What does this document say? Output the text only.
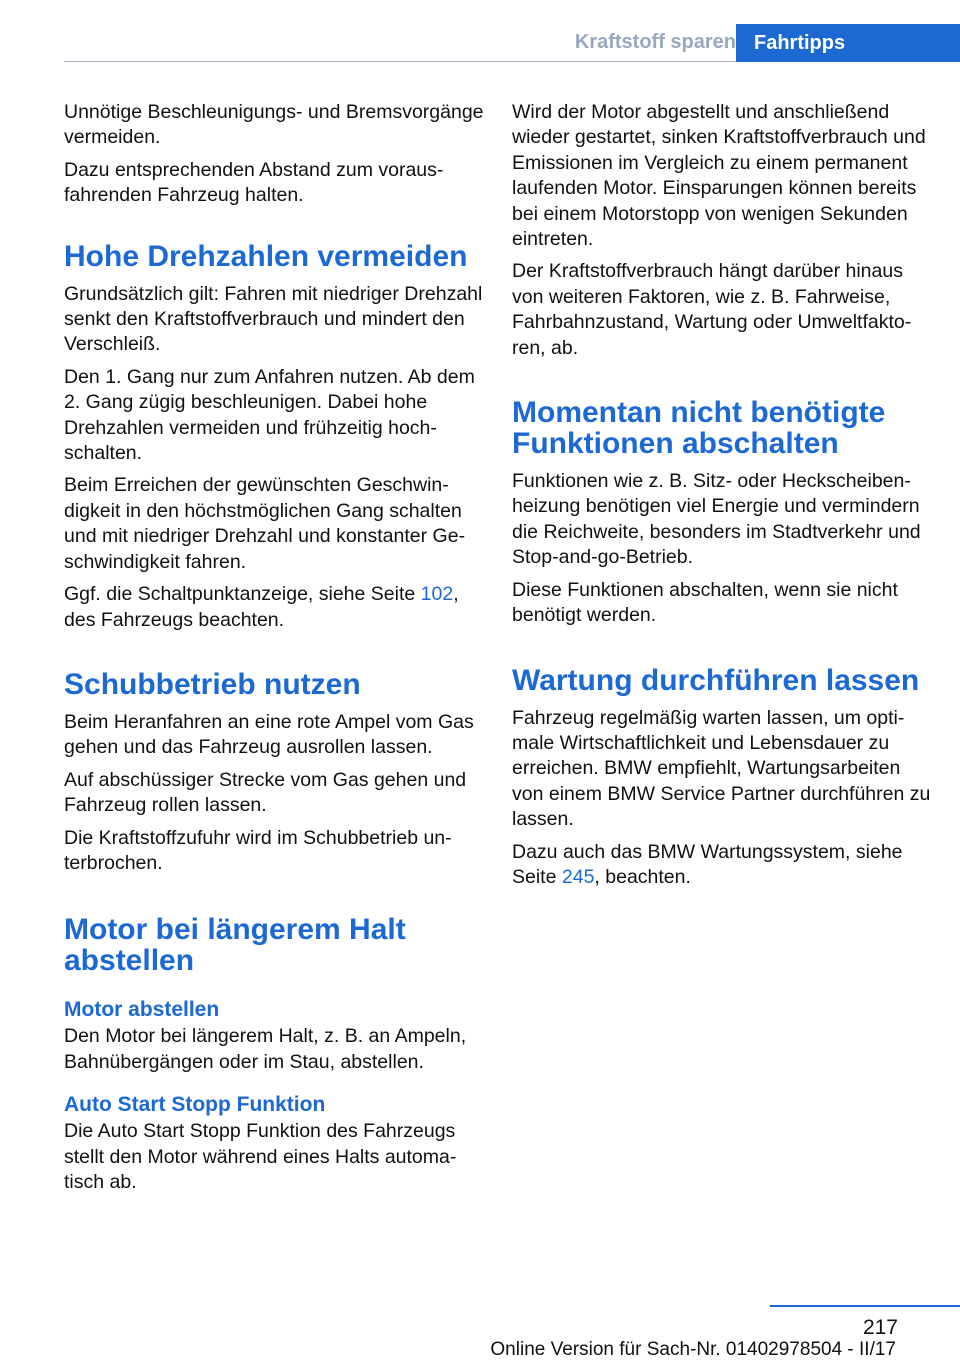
Kraftstoff sparen Fahrtipps

Unnötige Beschleunigungs- und Bremsvorgänge vermeiden.

Dazu entsprechenden Abstand zum vorausfahrenden Fahrzeug halten.

Hohe Drehzahlen vermeiden

Grundsätzlich gilt: Fahren mit niedriger Drehzahl senkt den Kraftstoffverbrauch und mindert den Verschleiß.

Den 1. Gang nur zum Anfahren nutzen. Ab dem 2. Gang zügig beschleunigen. Dabei hohe Drehzahlen vermeiden und frühzeitig hochschalten.

Beim Erreichen der gewünschten Geschwindigkeit in den höchstmöglichen Gang schalten und mit niedriger Drehzahl und konstanter Geschwindigkeit fahren.

Ggf. die Schaltpunktanzeige, siehe Seite 102, des Fahrzeugs beachten.

Schubbetrieb nutzen

Beim Heranfahren an eine rote Ampel vom Gas gehen und das Fahrzeug ausrollen lassen.

Auf abschüssiger Strecke vom Gas gehen und Fahrzeug rollen lassen.

Die Kraftstoffzufuhr wird im Schubbetrieb unterbrochen.

Motor bei längerem Halt abstellen
Motor abstellen

Den Motor bei längerem Halt, z. B. an Ampeln, Bahnübergängen oder im Stau, abstellen.

Auto Start Stopp Funktion

Die Auto Start Stopp Funktion des Fahrzeugs stellt den Motor während eines Halts automatisch ab.

Wird der Motor abgestellt und anschließend wieder gestartet, sinken Kraftstoffverbrauch und Emissionen im Vergleich zu einem permanent laufenden Motor. Einsparungen können bereits bei einem Motorstopp von wenigen Sekunden eintreten.

Der Kraftstoffverbrauch hängt darüber hinaus von weiteren Faktoren, wie z. B. Fahrweise, Fahrbahnzustand, Wartung oder Umweltfaktoren, ab.

Momentan nicht benötigte Funktionen abschalten

Funktionen wie z. B. Sitz- oder Heckscheibenheizung benötigen viel Energie und vermindern die Reichweite, besonders im Stadtverkehr und Stop-and-go-Betrieb.

Diese Funktionen abschalten, wenn sie nicht benötigt werden.

Wartung durchführen lassen

Fahrzeug regelmäßig warten lassen, um optimale Wirtschaftlichkeit und Lebensdauer zu erreichen. BMW empfiehlt, Wartungsarbeiten von einem BMW Service Partner durchführen zu lassen.

Dazu auch das BMW Wartungssystem, siehe Seite 245, beachten.

217
Online Version für Sach-Nr. 01402978504 - II/17
